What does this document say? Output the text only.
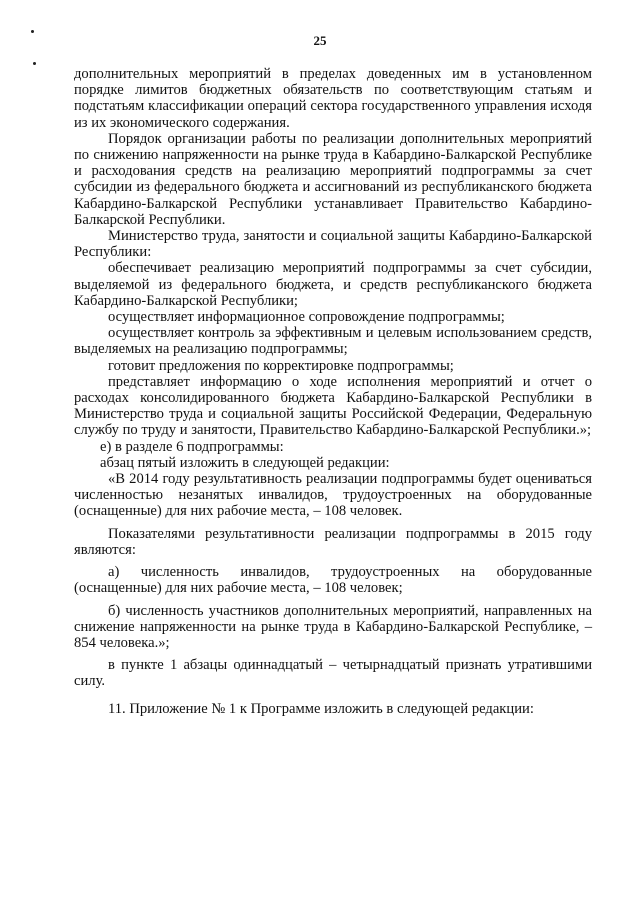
25

дополнительных мероприятий в пределах доведенных им в установленном порядке лимитов бюджетных обязательств по соответствующим статьям и подстатьям классификации операций сектора государственного управления исходя из их экономического содержания.

Порядок организации работы по реализации дополнительных мероприятий по снижению напряженности на рынке труда в Кабардино-Балкарской Республике и расходования средств на реализацию мероприятий подпрограммы за счет субсидии из федерального бюджета и ассигнований из республиканского бюджета Кабардино-Балкарской Республики устанавливает Правительство Кабардино-Балкарской Республики.

Министерство труда, занятости и социальной защиты Кабардино-Балкарской Республики:

обеспечивает реализацию мероприятий подпрограммы за счет субсидии, выделяемой из федерального бюджета, и средств республиканского бюджета Кабардино-Балкарской Республики;

осуществляет информационное сопровождение подпрограммы;

осуществляет контроль за эффективным и целевым использованием средств, выделяемых на реализацию подпрограммы;

готовит предложения по корректировке подпрограммы;

представляет информацию о ходе исполнения мероприятий и отчет о расходах консолидированного бюджета Кабардино-Балкарской Республики в Министерство труда и социальной защиты Российской Федерации, Федеральную службу по труду и занятости, Правительство Кабардино-Балкарской Республики.»;

е) в разделе 6 подпрограммы:

абзац пятый изложить в следующей редакции:

«В 2014 году результативность реализации подпрограммы будет оцениваться численностью незанятых инвалидов, трудоустроенных на оборудованные (оснащенные) для них рабочие места, – 108 человек.

Показателями результативности реализации подпрограммы в 2015 году являются:

а) численность инвалидов, трудоустроенных на оборудованные (оснащенные) для них рабочие места, – 108 человек;

б) численность участников дополнительных мероприятий, направленных на снижение напряженности на рынке труда в Кабардино-Балкарской Республике, – 854 человека.»;

в пункте 1 абзацы одиннадцатый – четырнадцатый признать утратившими силу.

11. Приложение № 1 к Программе изложить в следующей редакции:
